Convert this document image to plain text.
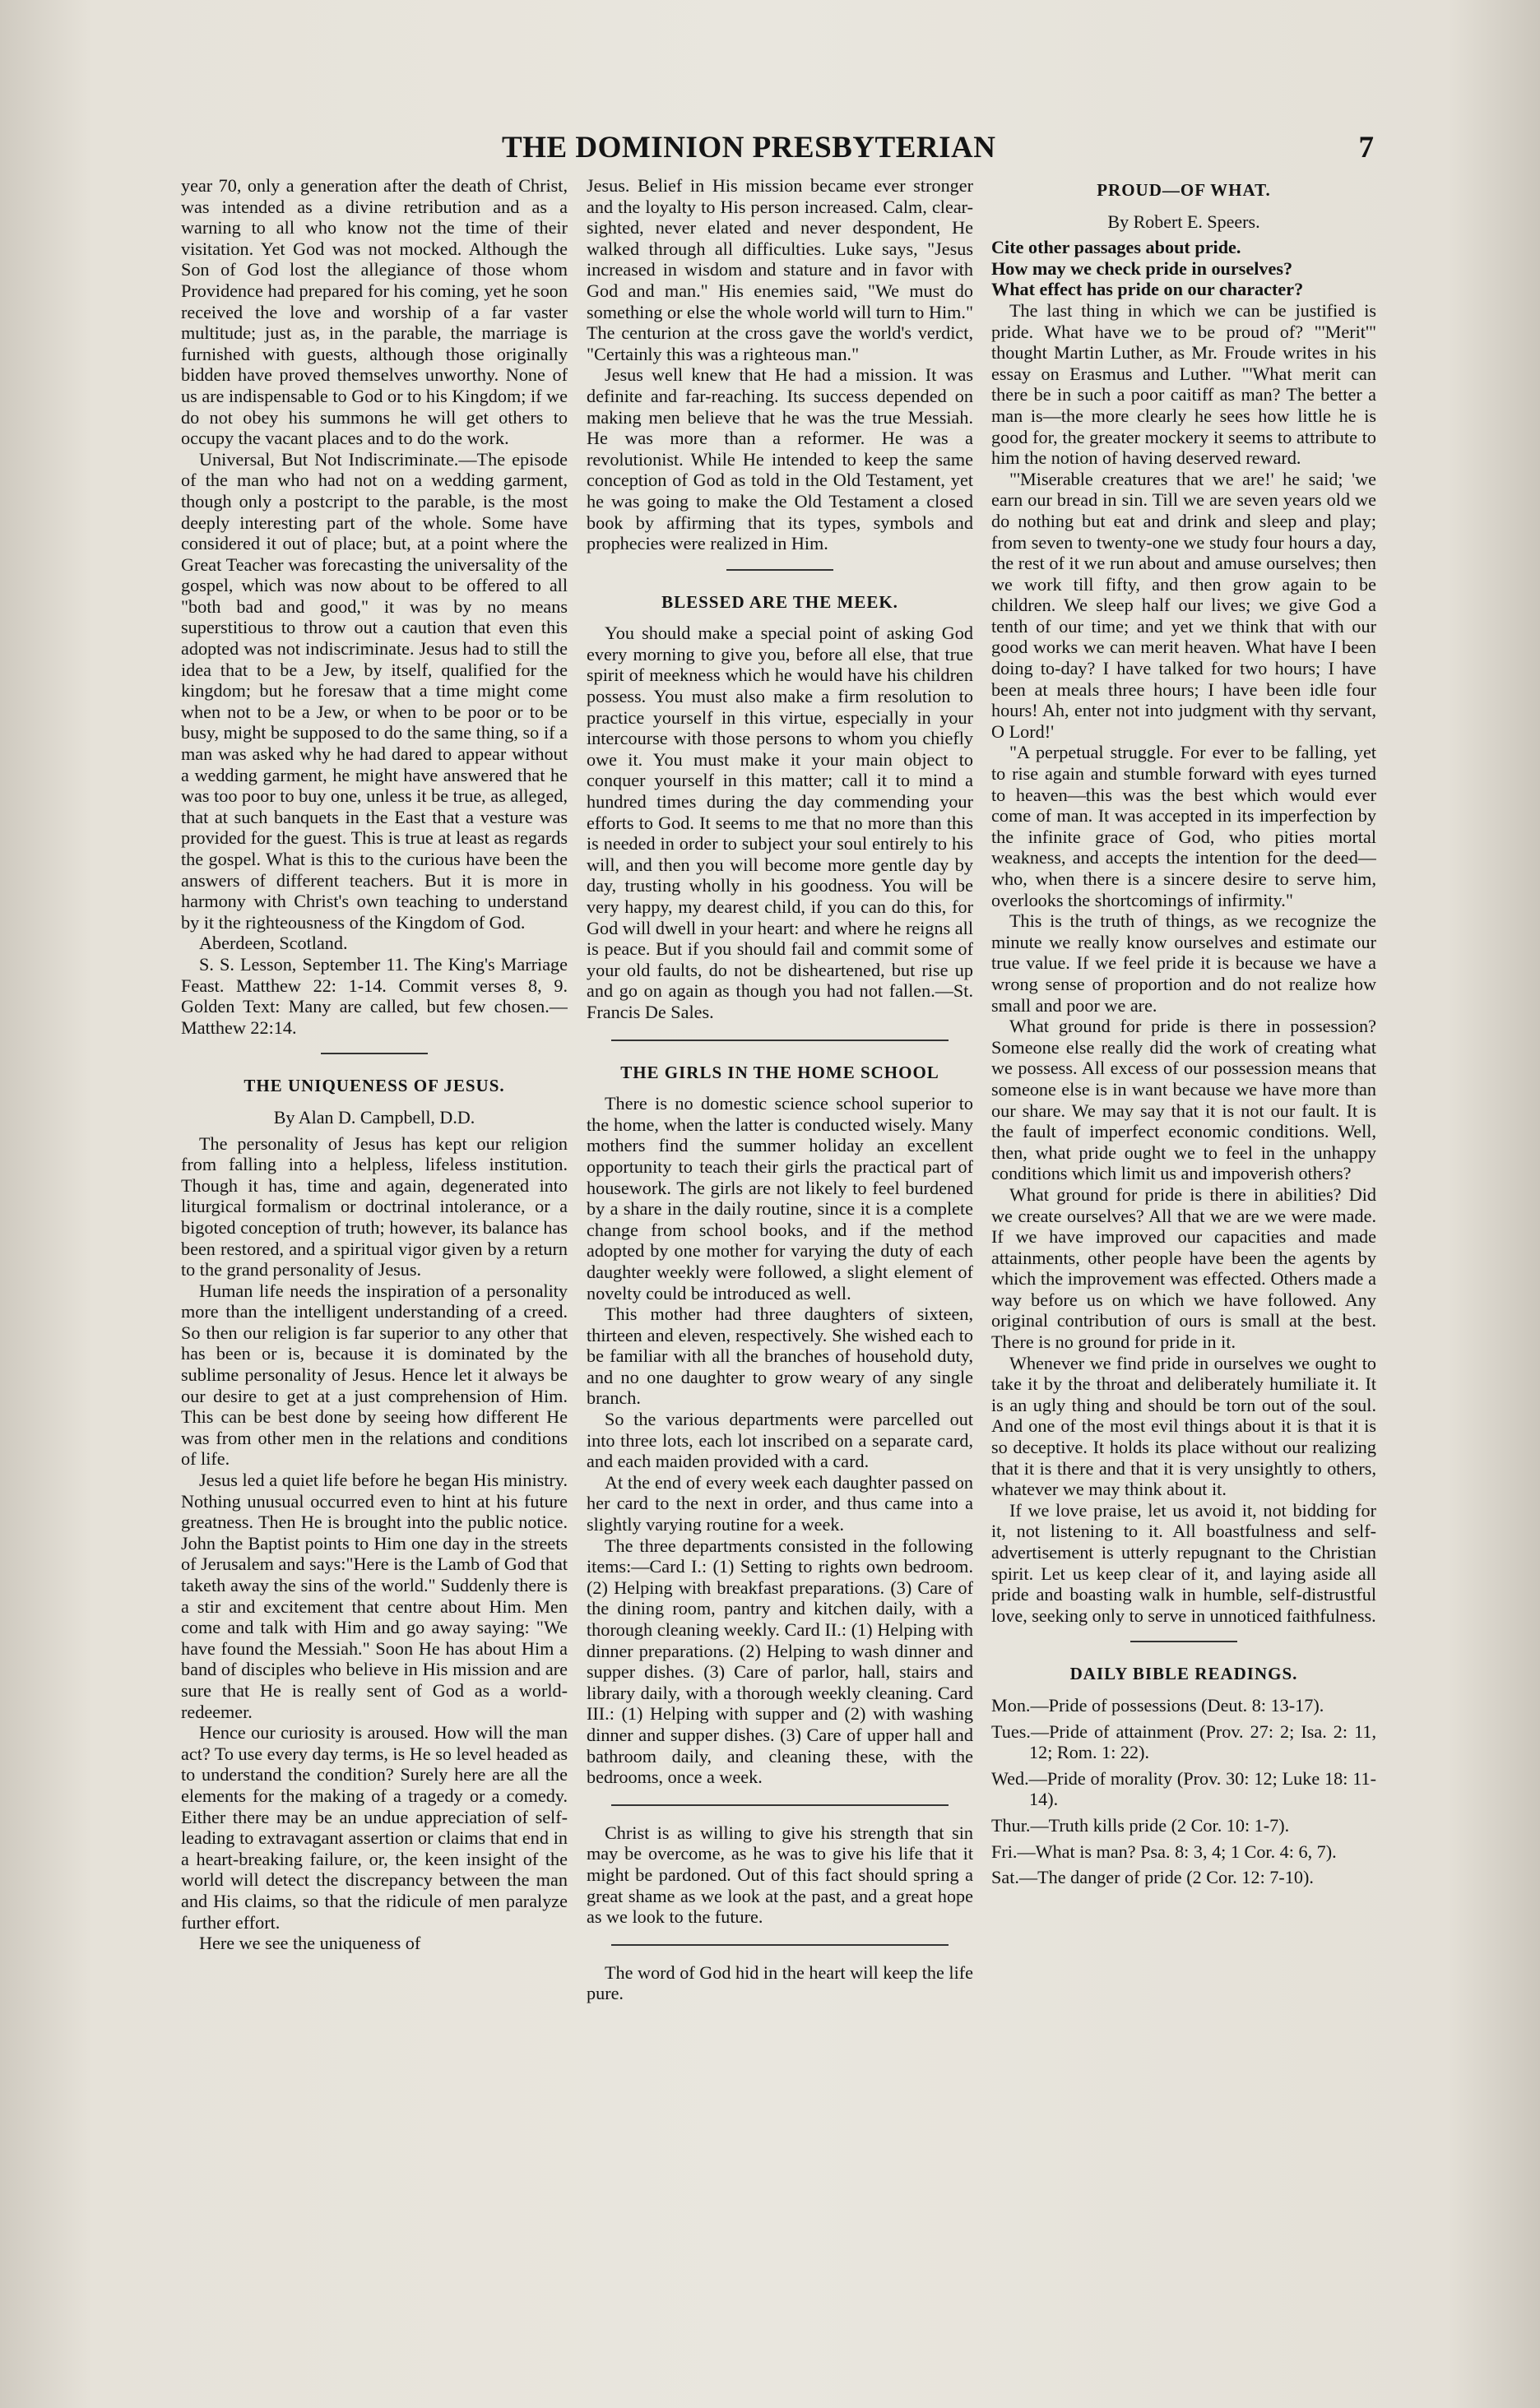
THE DOMINION PRESBYTERIAN	7

year 70, only a generation after the death of Christ, was intended as a divine retribution and as a warning to all who know not the time of their visitation. Yet God was not mocked. Although the Son of God lost the allegiance of those whom Providence had prepared for his coming, yet he soon received the love and worship of a far vaster multitude; just as, in the parable, the marriage is furnished with guests, although those originally bidden have proved themselves unworthy. None of us are indispensable to God or to his Kingdom; if we do not obey his summons he will get others to occupy the vacant places and to do the work.

Universal, But Not Indiscriminate.—The episode of the man who had not on a wedding garment, though only a postcript to the parable, is the most deeply interesting part of the whole. Some have considered it out of place; but, at a point where the Great Teacher was forecasting the universality of the gospel, which was now about to be offered to all "both bad and good," it was by no means superstitious to throw out a caution that even this adopted was not indiscriminate. Jesus had to still the idea that to be a Jew, by itself, qualified for the kingdom; but he foresaw that a time might come when not to be a Jew, or when to be poor or to be busy, might be supposed to do the same thing, so if a man was asked why he had dared to appear without a wedding garment, he might have answered that he was too poor to buy one, unless it be true, as alleged, that at such banquets in the East that a vesture was provided for the guest. This is true at least as regards the gospel. What is this to the curious have been the answers of different teachers. But it is more in harmony with Christ's own teaching to understand by it the righteousness of the Kingdom of God.

Aberdeen, Scotland.

S. S. Lesson, September 11. The King's Marriage Feast. Matthew 22: 1-14. Commit verses 8, 9. Golden Text: Many are called, but few chosen.—Matthew 22:14.

THE UNIQUENESS OF JESUS.
By Alan D. Campbell, D.D.

The personality of Jesus has kept our religion from falling into a helpless, lifeless institution. Though it has, time and again, degenerated into liturgical formalism or doctrinal intolerance, or a bigoted conception of truth; however, its balance has been restored, and a spiritual vigor given by a return to the grand personality of Jesus.

Human life needs the inspiration of a personality more than the intelligent understanding of a creed. So then our religion is far superior to any other that has been or is, because it is dominated by the sublime personality of Jesus. Hence let it always be our desire to get at a just comprehension of Him. This can be best done by seeing how different He was from other men in the relations and conditions of life.

Jesus led a quiet life before he began His ministry. Nothing unusual occurred even to hint at his future greatness. Then He is brought into the public notice. John the Baptist points to Him one day in the streets of Jerusalem and says:"Here is the Lamb of God that taketh away the sins of the world." Suddenly there is a stir and excitement that centre about Him. Men come and talk with Him and go away saying: "We have found the Messiah." Soon He has about Him a band of disciples who believe in His mission and are sure that He is really sent of God as a world-redeemer.

Hence our curiosity is aroused. How will the man act? To use every day terms, is He so level headed as to understand the condition? Surely here are all the elements for the making of a tragedy or a comedy. Either there may be an undue appreciation of self-leading to extravagant assertion or claims that end in a heart-breaking failure, or, the keen insight of the world will detect the discrepancy between the man and His claims, so that the ridicule of men paralyze further effort.

Here we see the uniqueness of

Jesus. Belief in His mission became ever stronger and the loyalty to His person increased. Calm, clear-sighted, never elated and never despondent, He walked through all difficulties. Luke says, "Jesus increased in wisdom and stature and in favor with God and man." His enemies said, "We must do something or else the whole world will turn to Him." The centurion at the cross gave the world's verdict, "Certainly this was a righteous man."

Jesus well knew that He had a mission. It was definite and far-reaching. Its success depended on making men believe that he was the true Messiah. He was more than a reformer. He was a revolutionist. While He intended to keep the same conception of God as told in the Old Testament, yet he was going to make the Old Testament a closed book by affirming that its types, symbols and prophecies were realized in Him.

BLESSED ARE THE MEEK.

You should make a special point of asking God every morning to give you, before all else, that true spirit of meekness which he would have his children possess. You must also make a firm resolution to practice yourself in this virtue, especially in your intercourse with those persons to whom you chiefly owe it. You must make it your main object to conquer yourself in this matter; call it to mind a hundred times during the day commending your efforts to God. It seems to me that no more than this is needed in order to subject your soul entirely to his will, and then you will become more gentle day by day, trusting wholly in his goodness. You will be very happy, my dearest child, if you can do this, for God will dwell in your heart: and where he reigns all is peace. But if you should fail and commit some of your old faults, do not be disheartened, but rise up and go on again as though you had not fallen.—St. Francis De Sales.

THE GIRLS IN THE HOME SCHOOL

There is no domestic science school superior to the home, when the latter is conducted wisely. Many mothers find the summer holiday an excellent opportunity to teach their girls the practical part of housework. The girls are not likely to feel burdened by a share in the daily routine, since it is a complete change from school books, and if the method adopted by one mother for varying the duty of each daughter weekly were followed, a slight element of novelty could be introduced as well.

This mother had three daughters of sixteen, thirteen and eleven, respectively. She wished each to be familiar with all the branches of household duty, and no one daughter to grow weary of any single branch.

So the various departments were parcelled out into three lots, each lot inscribed on a separate card, and each maiden provided with a card.

At the end of every week each daughter passed on her card to the next in order, and thus came into a slightly varying routine for a week.

The three departments consisted in the following items:—Card I.: (1) Setting to rights own bedroom. (2) Helping with breakfast preparations. (3) Care of the dining room, pantry and kitchen daily, with a thorough cleaning weekly. Card II.: (1) Helping with dinner preparations. (2) Helping to wash dinner and supper dishes. (3) Care of parlor, hall, stairs and library daily, with a thorough weekly cleaning. Card III.: (1) Helping with supper and (2) with washing dinner and supper dishes. (3) Care of upper hall and bathroom daily, and cleaning these, with the bedrooms, once a week.

Christ is as willing to give his strength that sin may be overcome, as he was to give his life that it might be pardoned. Out of this fact should spring a great shame as we look at the past, and a great hope as we look to the future.

The word of God hid in the heart will keep the life pure.

PROUD—OF WHAT.
By Robert E. Speers.

Cite other passages about pride.

How may we check pride in ourselves?

What effect has pride on our character?

The last thing in which we can be justified is pride. What have we to be proud of? "'Merit'" thought Martin Luther, as Mr. Froude writes in his essay on Erasmus and Luther. "'What merit can there be in such a poor caitiff as man? The better a man is—the more clearly he sees how little he is good for, the greater mockery it seems to attribute to him the notion of having deserved reward.

"'Miserable creatures that we are!' he said; 'we earn our bread in sin. Till we are seven years old we do nothing but eat and drink and sleep and play; from seven to twenty-one we study four hours a day, the rest of it we run about and amuse ourselves; then we work till fifty, and then grow again to be children. We sleep half our lives; we give God a tenth of our time; and yet we think that with our good works we can merit heaven. What have I been doing to-day? I have talked for two hours; I have been at meals three hours; I have been idle four hours! Ah, enter not into judgment with thy servant, O Lord!'

"A perpetual struggle. For ever to be falling, yet to rise again and stumble forward with eyes turned to heaven—this was the best which would ever come of man. It was accepted in its imperfection by the infinite grace of God, who pities mortal weakness, and accepts the intention for the deed—who, when there is a sincere desire to serve him, overlooks the shortcomings of infirmity."

This is the truth of things, as we recognize the minute we really know ourselves and estimate our true value. If we feel pride it is because we have a wrong sense of proportion and do not realize how small and poor we are.

What ground for pride is there in possession? Someone else really did the work of creating what we possess. All excess of our possession means that someone else is in want because we have more than our share. We may say that it is not our fault. It is the fault of imperfect economic conditions. Well, then, what pride ought we to feel in the unhappy conditions which limit us and impoverish others?

What ground for pride is there in abilities? Did we create ourselves? All that we are we were made. If we have improved our capacities and made attainments, other people have been the agents by which the improvement was effected. Others made a way before us on which we have followed. Any original contribution of ours is small at the best. There is no ground for pride in it.

Whenever we find pride in ourselves we ought to take it by the throat and deliberately humiliate it. It is an ugly thing and should be torn out of the soul. And one of the most evil things about it is that it is so deceptive. It holds its place without our realizing that it is there and that it is very unsightly to others, whatever we may think about it.

If we love praise, let us avoid it, not bidding for it, not listening to it. All boastfulness and self-advertisement is utterly repugnant to the Christian spirit. Let us keep clear of it, and laying aside all pride and boasting walk in humble, self-distrustful love, seeking only to serve in unnoticed faithfulness.

DAILY BIBLE READINGS.

Mon.—Pride of possessions (Deut. 8: 13-17).

Tues.—Pride of attainment (Prov. 27: 2; Isa. 2: 11, 12; Rom. 1: 22).

Wed.—Pride of morality (Prov. 30: 12; Luke 18: 11-14).

Thur.—Truth kills pride (2 Cor. 10: 1-7).

Fri.—What is man? Psa. 8: 3, 4; 1 Cor. 4: 6, 7).

Sat.—The danger of pride (2 Cor. 12: 7-10).
